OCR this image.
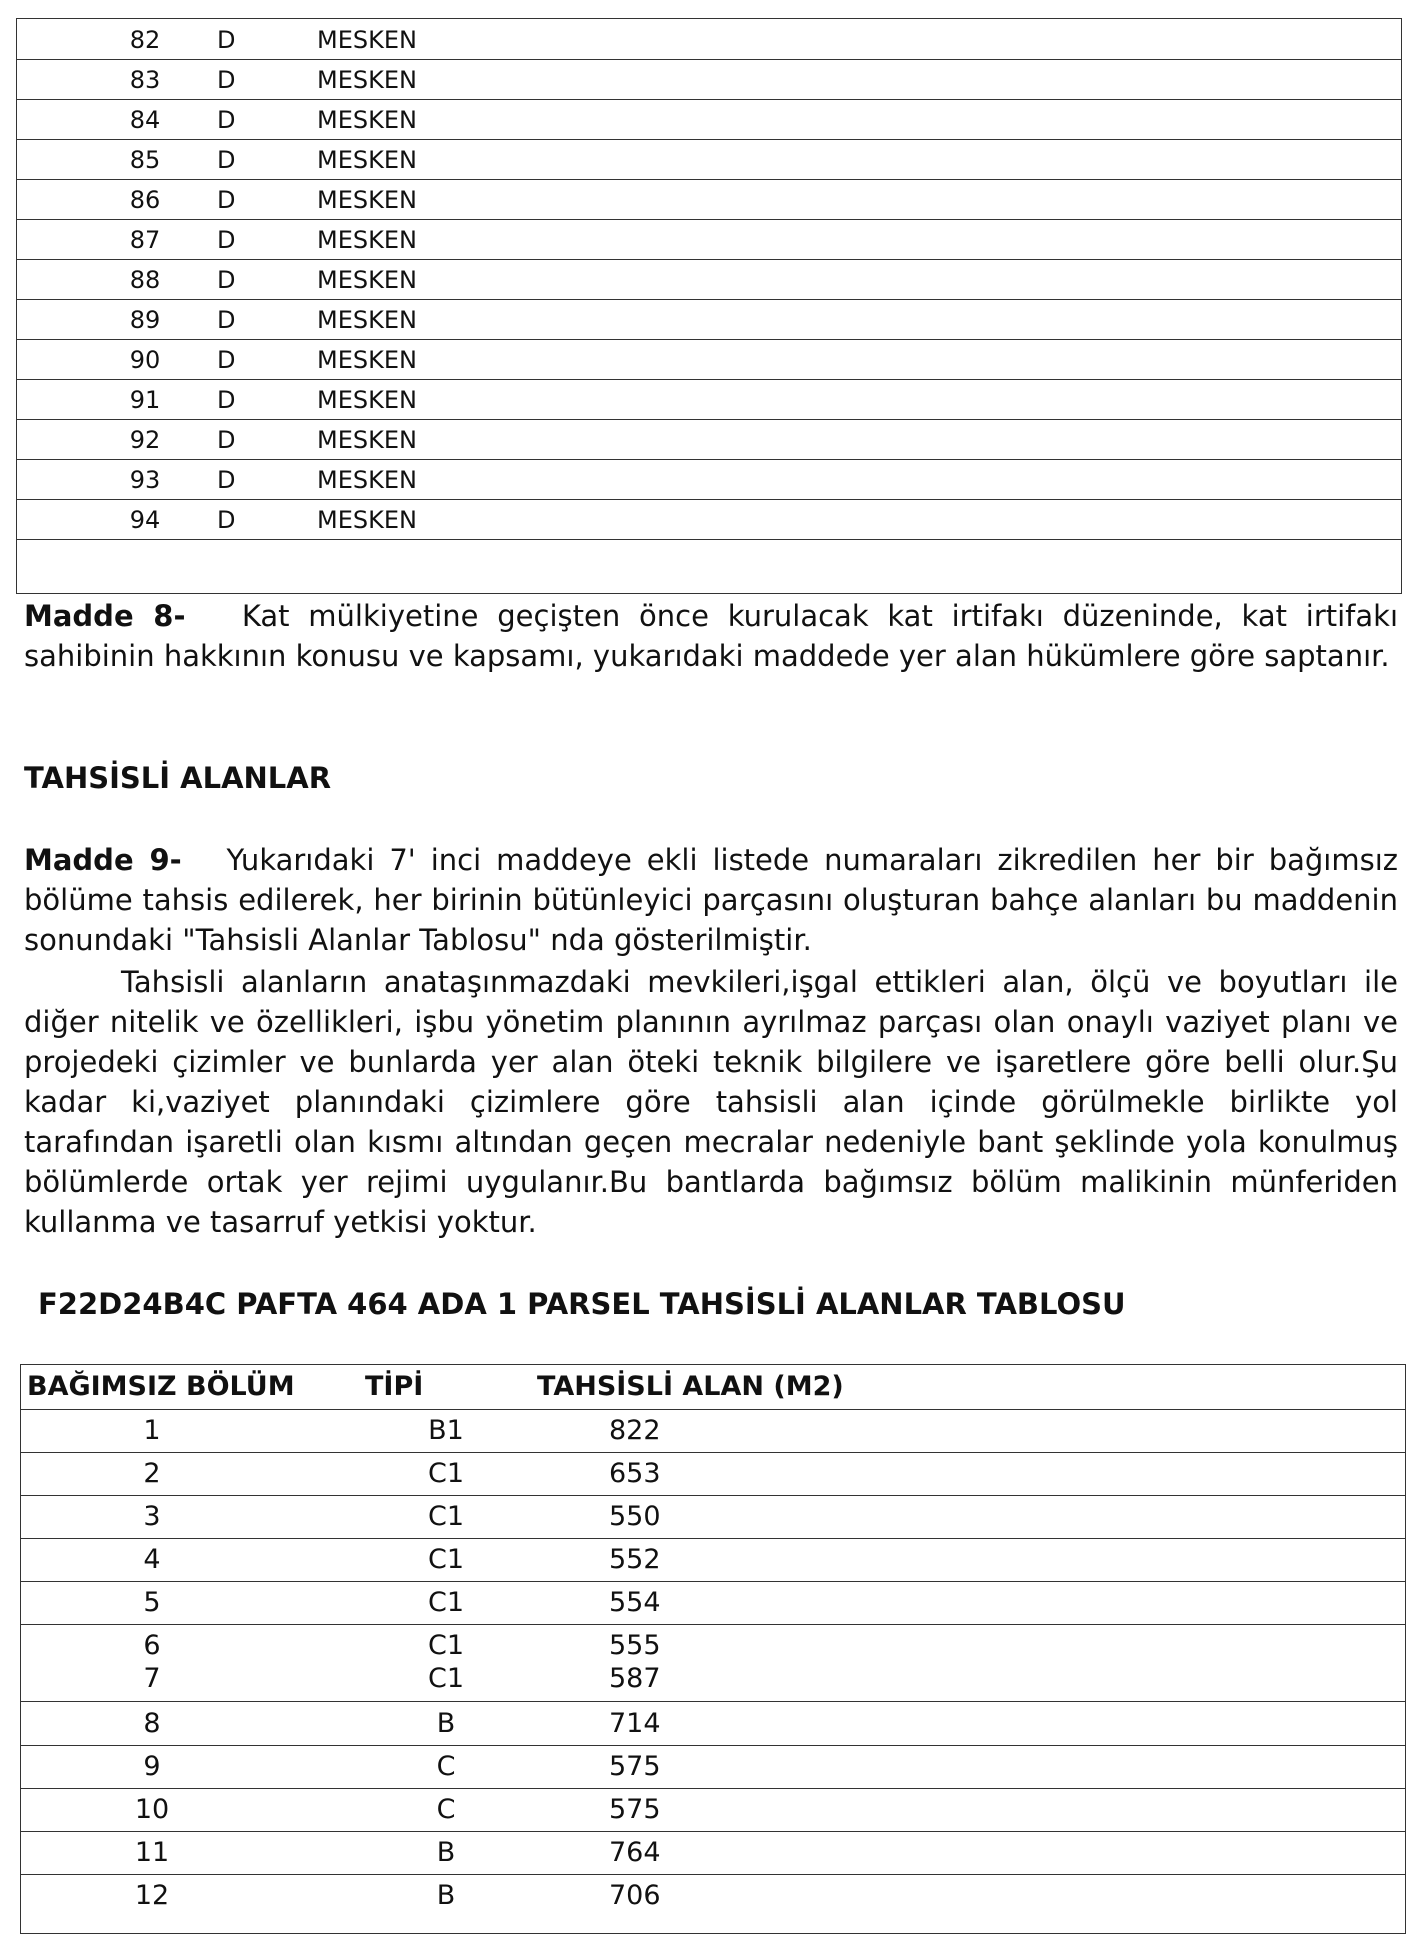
82	D	MESKEN
83	D	MESKEN
84	D	MESKEN
85	D	MESKEN
86	D	MESKEN
87	D	MESKEN
88	D	MESKEN
89	D	MESKEN
90	D	MESKEN
91	D	MESKEN
92	D	MESKEN
93	D	MESKEN
94	D	MESKEN

Madde 8- Kat mülkiyetine geçişten önce kurulacak kat irtifakı düzeninde, kat irtifakı sahibinin hakkının konusu ve kapsamı, yukarıdaki maddede yer alan hükümlere göre saptanır.

TAHSİSLİ ALANLAR

Madde 9- Yukarıdaki 7' inci maddeye ekli listede numaraları zikredilen her bir bağımsız bölüme tahsis edilerek, her birinin bütünleyici parçasını oluşturan bahçe alanları bu maddenin sonundaki "Tahsisli Alanlar Tablosu" nda gösterilmiştir.

Tahsisli alanların anataşınmazdaki mevkileri,işgal ettikleri alan, ölçü ve boyutları ile diğer nitelik ve özellikleri, işbu yönetim planının ayrılmaz parçası olan onaylı vaziyet planı ve projedeki çizimler ve bunlarda yer alan öteki teknik bilgilere ve işaretlere göre belli olur.Şu kadar ki,vaziyet planındaki çizimlere göre tahsisli alan içinde görülmekle birlikte yol tarafından işaretli olan kısmı altından geçen mecralar nedeniyle bant şeklinde yola konulmuş bölümlerde ortak yer rejimi uygulanır.Bu bantlarda bağımsız bölüm malikinin münferiden kullanma ve tasarruf yetkisi yoktur.

F22D24B4C PAFTA 464 ADA 1 PARSEL TAHSİSLİ ALANLAR TABLOSU
BAĞIMSIZ BÖLÜM	TİPİ	TAHSİSLİ ALAN (M2)
1	B1	822
2	C1	653
3	C1	550
4	C1	552
5	C1	554
6	C1	555
7	C1	587
8	B	714
9	C	575
10	C	575
11	B	764
12	B	706
